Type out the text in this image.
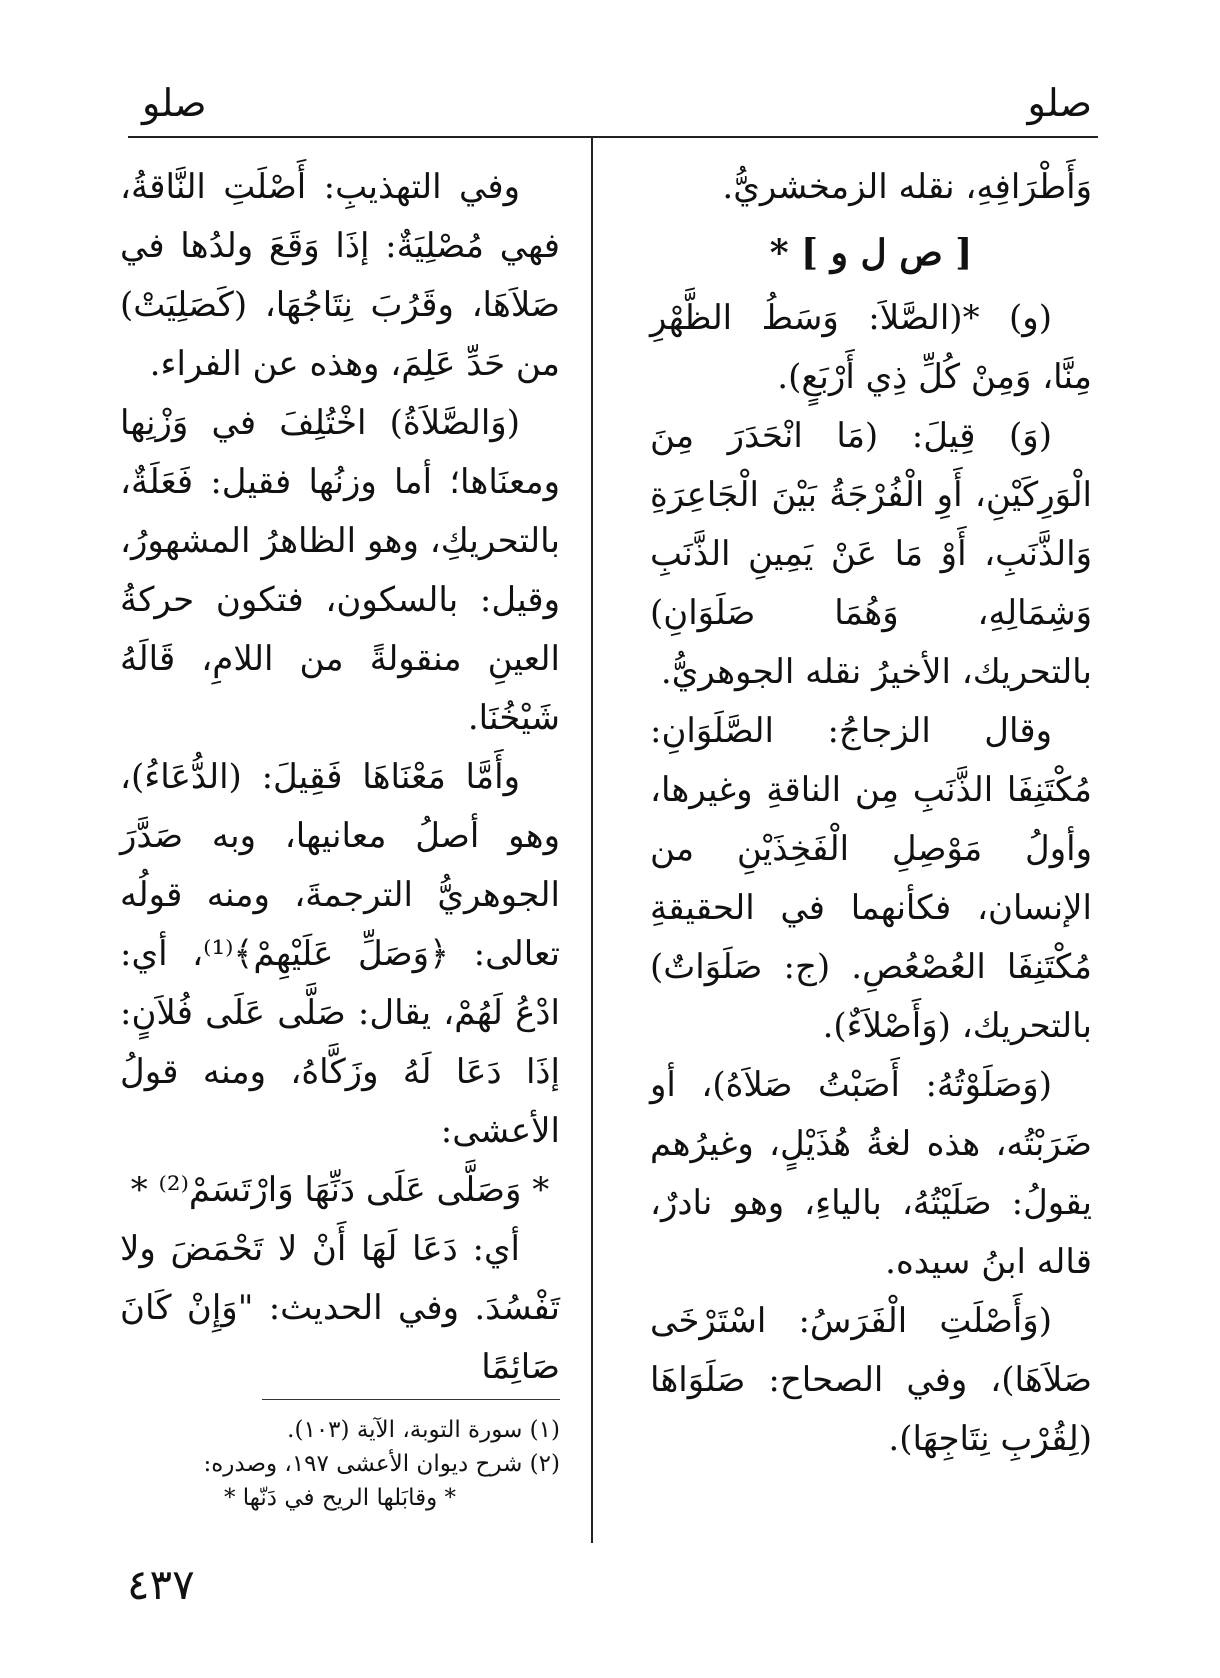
صلو
صلو

وَأَطْرَافِهِ، نقله الزمخشريُّ.

[ ص ل و ] *

(و) *(الصَّلاَ: وَسَطُ الظَّهْرِ مِنَّا، وَمِنْ كُلِّ ذِي أَرْبَعٍ).

(وَ) قِيلَ: (مَا انْحَدَرَ مِنَ الْوَرِكَيْنِ، أَوِ الْفُرْجَةُ بَيْنَ الْجَاعِرَةِ وَالذَّنَبِ، أَوْ مَا عَنْ يَمِينِ الذَّنَبِ وَشِمَالِهِ، وَهُمَا صَلَوَانِ) بالتحريك، الأخيرُ نقله الجوهريُّ.

وقال الزجاجُ: الصَّلَوَانِ: مُكْتَنِفَا الذَّنَبِ مِن الناقةِ وغيرها، وأولُ مَوْصِلِ الْفَخِذَيْنِ من الإنسان، فكأنهما في الحقيقةِ مُكْتَنِفَا العُصْعُصِ. (ج: صَلَوَاتٌ) بالتحريك، (وَأَصْلاَءٌ).

(وَصَلَوْتُهُ: أَصَبْتُ صَلاَهُ)، أو ضَرَبْتُه، هذه لغةُ هُذَيْلٍ، وغيرُهم يقولُ: صَلَيْتُهُ، بالياءِ، وهو نادرٌ، قاله ابنُ سيده.

(وَأَصْلَتِ الْفَرَسُ: اسْتَرْخَى صَلاَهَا)، وفي الصحاح: صَلَوَاهَا (لِقُرْبِ نِتَاجِهَا).

وفي التهذيبِ: أَصْلَتِ النَّاقةُ، فهي مُصْلِيَةٌ: إذَا وَقَعَ ولدُها في صَلاَهَا، وقَرُبَ نِتَاجُهَا، (كَصَلِيَتْ) من حَدِّ عَلِمَ، وهذه عن الفراء.

(وَالصَّلاَةُ) اخْتُلِفَ في وَزْنِها ومعنَاها؛ أما وزنُها فقيل: فَعَلَةٌ، بالتحريكِ، وهو الظاهرُ المشهورُ، وقيل: بالسكون، فتكون حركةُ العينِ منقولةً من اللامِ، قَالَهُ شَيْخُنَا.

وأَمَّا مَعْنَاهَا فَقِيلَ: (الدُّعَاءُ)، وهو أصلُ معانيها، وبه صَدَّرَ الجوهريُّ الترجمةَ، ومنه قولُه تعالى: ﴿وَصَلِّ عَلَيْهِمْ﴾⁽¹⁾، أي: ادْعُ لَهُمْ، يقال: صَلَّى عَلَى فُلاَنٍ: إذَا دَعَا لَهُ وزَكَّاهُ، ومنه قولُ الأعشى:

* وَصَلَّى عَلَى دَنِّهَا وَارْتَسَمْ⁽²⁾ *

أي: دَعَا لَهَا أَنْ لا تَحْمَضَ ولا تَفْسُدَ. وفي الحديث: "وَإِنْ كَانَ صَائِمًا

(١) سورة التوبة، الآية (١٠٣).

(٢) شرح ديوان الأعشى ١٩٧، وصدره:

* وقابَلها الريح في دَنّها *

٤٣٧
